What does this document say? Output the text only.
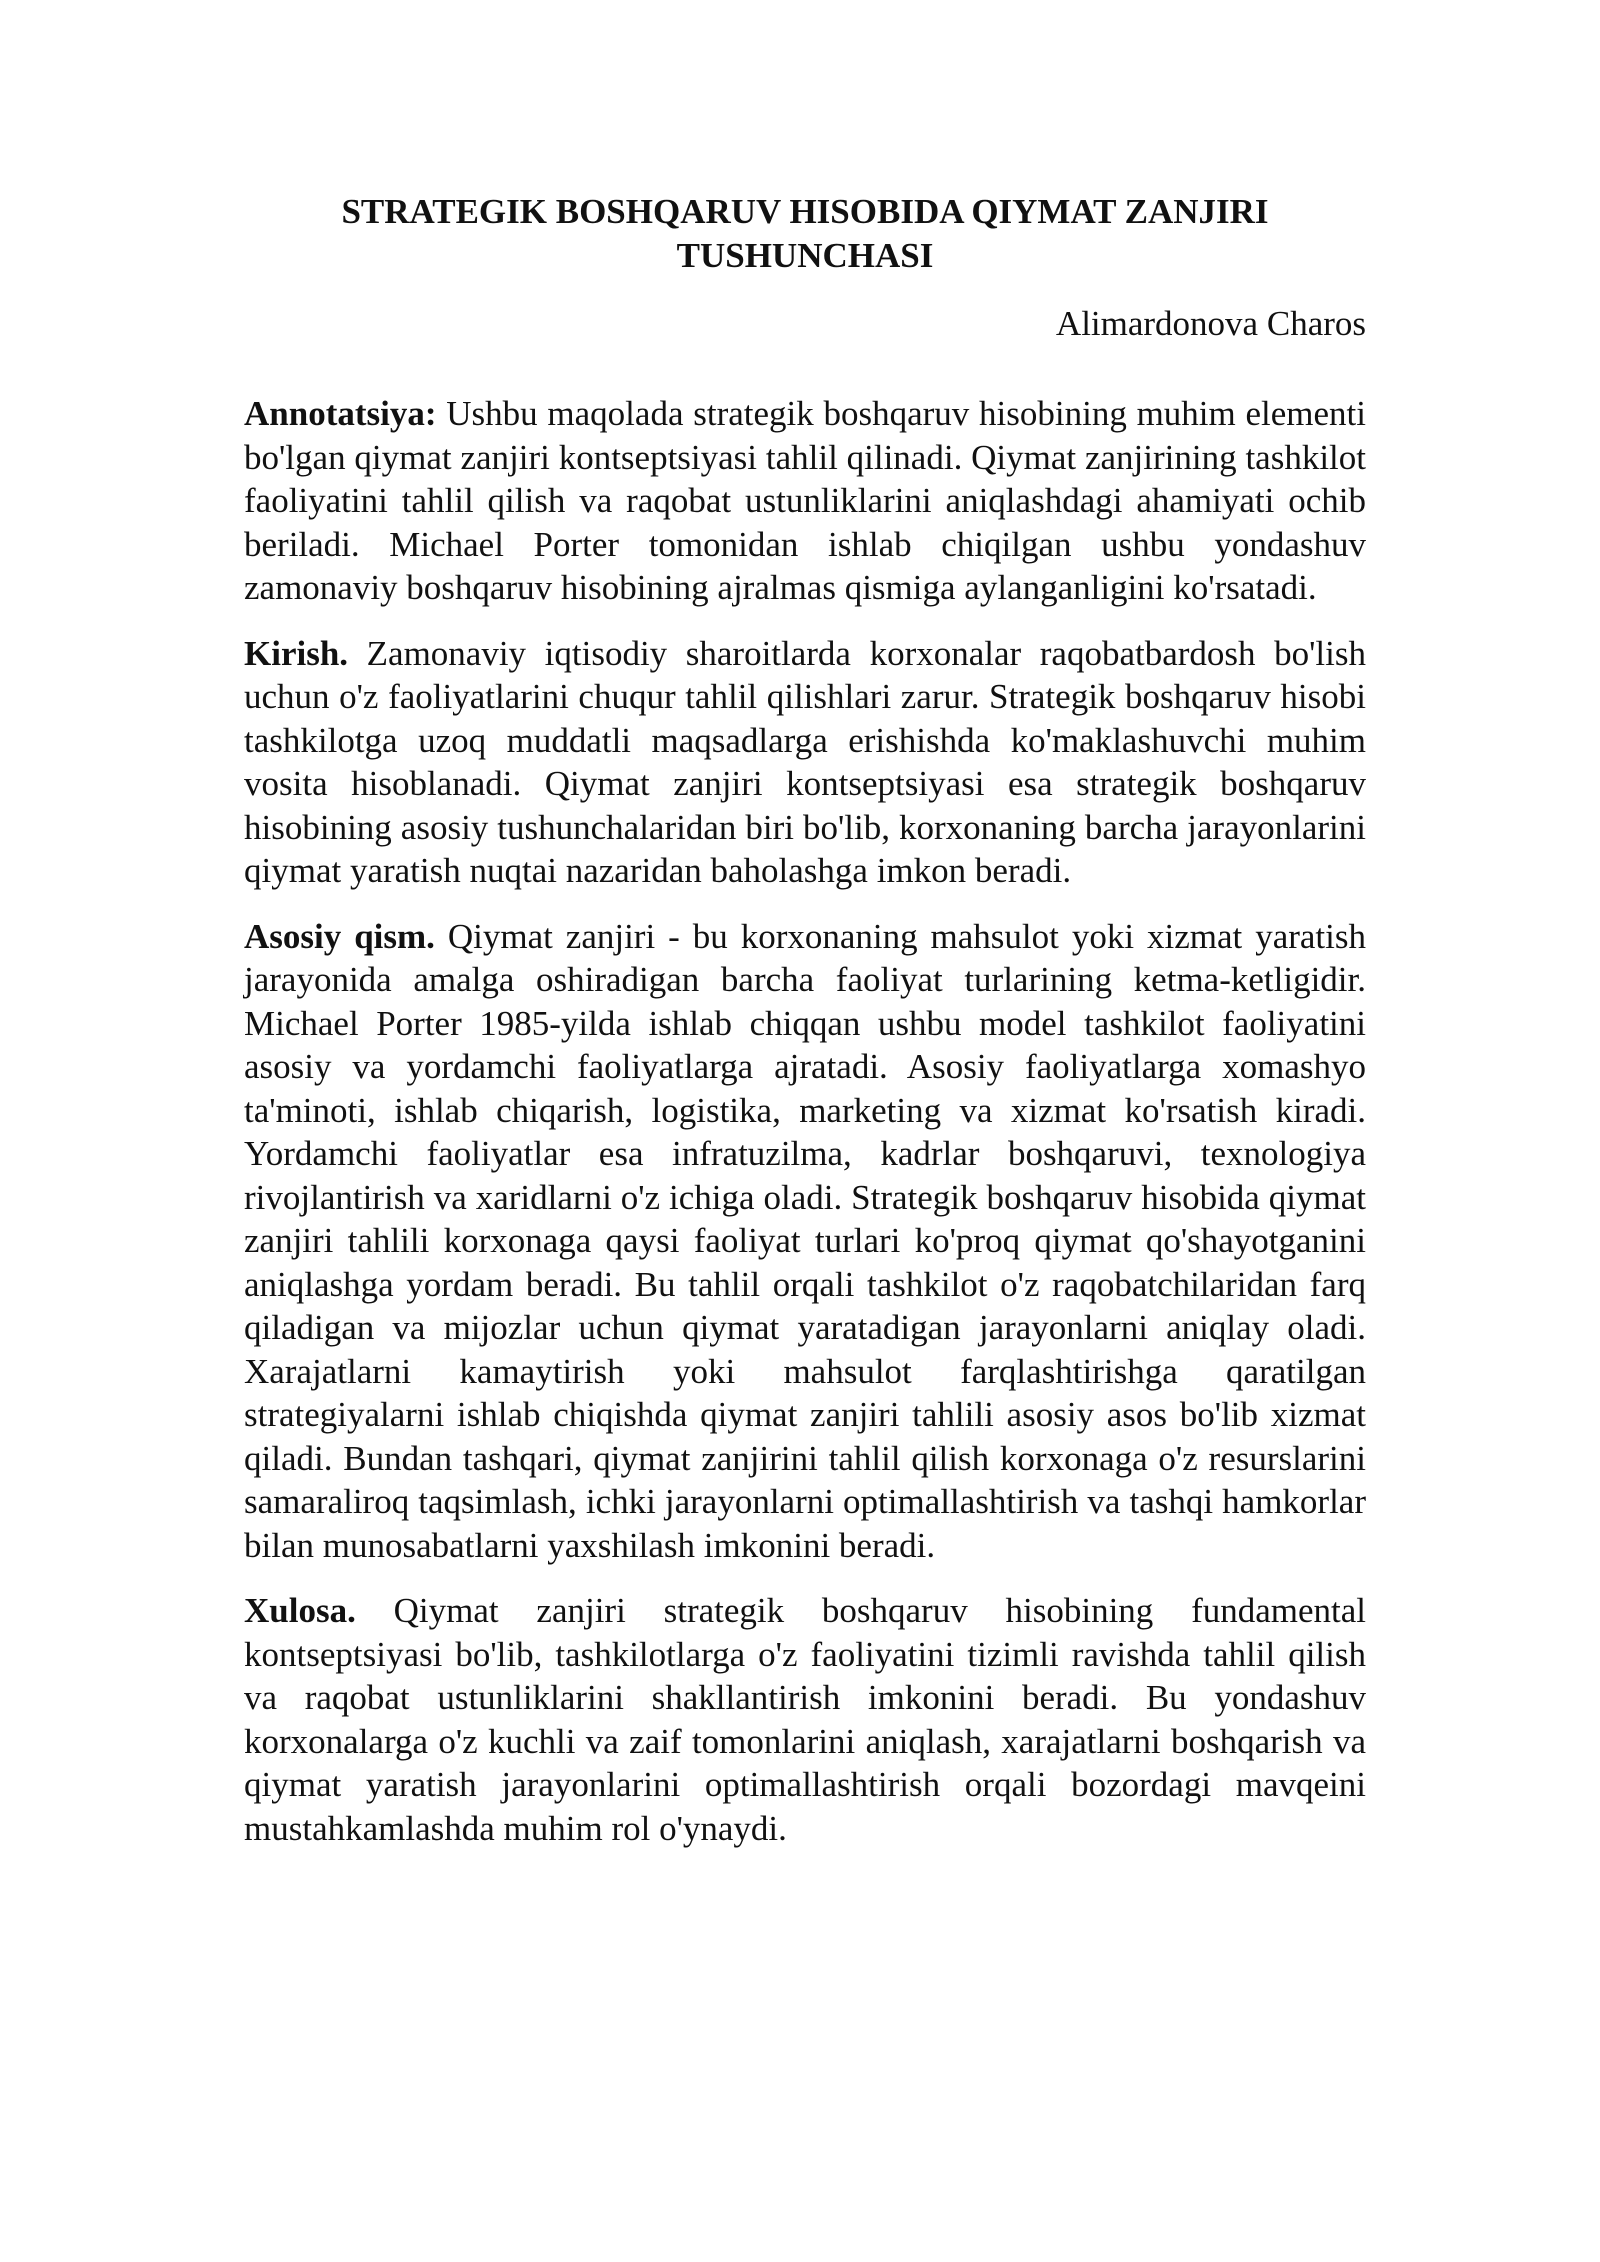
STRATEGIK BOSHQARUV HISOBIDA QIYMAT ZANJIRI
TUSHUNCHASI
Alimardonova Charos

Annotatsiya: Ushbu maqolada strategik boshqaruv hisobining muhim elementi bo'lgan qiymat zanjiri kontseptsiyasi tahlil qilinadi. Qiymat zanjirining tashkilot faoliyatini tahlil qilish va raqobat ustunliklarini aniqlashdagi ahamiyati ochib beriladi. Michael Porter tomonidan ishlab chiqilgan ushbu yondashuv zamonaviy boshqaruv hisobining ajralmas qismiga aylanganligini ko'rsatadi.

Kirish. Zamonaviy iqtisodiy sharoitlarda korxonalar raqobatbardosh bo'lish uchun o'z faoliyatlarini chuqur tahlil qilishlari zarur. Strategik boshqaruv hisobi tashkilotga uzoq muddatli maqsadlarga erishishda ko'maklashuvchi muhim vosita hisoblanadi. Qiymat zanjiri kontseptsiyasi esa strategik boshqaruv hisobining asosiy tushunchalaridan biri bo'lib, korxonaning barcha jarayonlarini qiymat yaratish nuqtai nazaridan baholashga imkon beradi.

Asosiy qism. Qiymat zanjiri - bu korxonaning mahsulot yoki xizmat yaratish jarayonida amalga oshiradigan barcha faoliyat turlarining ketma-ketligidir. Michael Porter 1985-yilda ishlab chiqqan ushbu model tashkilot faoliyatini asosiy va yordamchi faoliyatlarga ajratadi. Asosiy faoliyatlarga xomashyo ta'minoti, ishlab chiqarish, logistika, marketing va xizmat ko'rsatish kiradi. Yordamchi faoliyatlar esa infratuzilma, kadrlar boshqaruvi, texnologiya rivojlantirish va xaridlarni o'z ichiga oladi. Strategik boshqaruv hisobida qiymat zanjiri tahlili korxonaga qaysi faoliyat turlari ko'proq qiymat qo'shayotganini aniqlashga yordam beradi. Bu tahlil orqali tashkilot o'z raqobatchilaridan farq qiladigan va mijozlar uchun qiymat yaratadigan jarayonlarni aniqlay oladi. Xarajatlarni kamaytirish yoki mahsulot farqlashtirishga qaratilgan strategiyalarni ishlab chiqishda qiymat zanjiri tahlili asosiy asos bo'lib xizmat qiladi. Bundan tashqari, qiymat zanjirini tahlil qilish korxonaga o'z resurslarini samaraliroq taqsimlash, ichki jarayonlarni optimallashtirish va tashqi hamkorlar bilan munosabatlarni yaxshilash imkonini beradi.

Xulosa. Qiymat zanjiri strategik boshqaruv hisobining fundamental kontseptsiyasi bo'lib, tashkilotlarga o'z faoliyatini tizimli ravishda tahlil qilish va raqobat ustunliklarini shakllantirish imkonini beradi. Bu yondashuv korxonalarga o'z kuchli va zaif tomonlarini aniqlash, xarajatlarni boshqarish va qiymat yaratish jarayonlarini optimallashtirish orqali bozordagi mavqeini mustahkamlashda muhim rol o'ynaydi.
